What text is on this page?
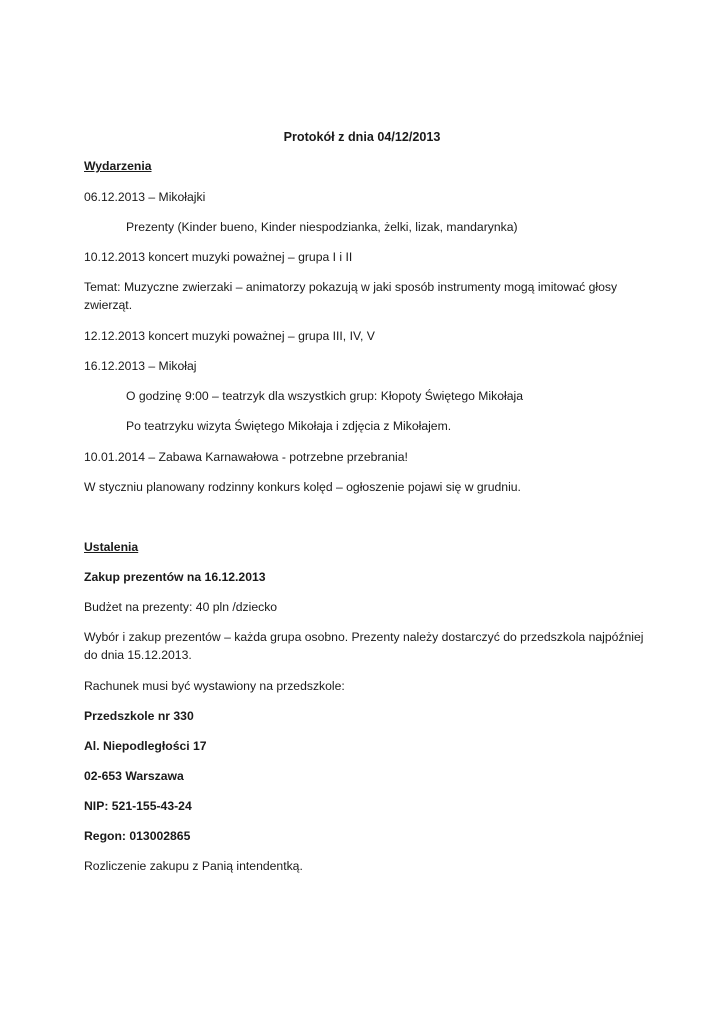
Protokół z dnia 04/12/2013
Wydarzenia
06.12.2013 – Mikołajki
Prezenty (Kinder bueno, Kinder niespodzianka, żelki, lizak, mandarynka)
10.12.2013 koncert muzyki poważnej – grupa I i II
Temat: Muzyczne zwierzaki – animatorzy pokazują w jaki sposób instrumenty mogą imitować głosy
zwierząt.
12.12.2013 koncert muzyki poważnej – grupa III, IV, V
16.12.2013 – Mikołaj
O godzinę 9:00 – teatrzyk dla wszystkich grup: Kłopoty Świętego Mikołaja
Po teatrzyku wizyta Świętego Mikołaja i zdjęcia z Mikołajem.
10.01.2014 – Zabawa Karnawałowa - potrzebne przebrania!
W styczniu planowany rodzinny konkurs kolęd – ogłoszenie pojawi się w grudniu.
Ustalenia
Zakup prezentów na 16.12.2013
Budżet na prezenty: 40 pln /dziecko
Wybór i zakup prezentów – każda grupa osobno. Prezenty należy dostarczyć do przedszkola najpóźniej
do dnia 15.12.2013.
Rachunek musi być wystawiony na przedszkole:
Przedszkole nr 330
Al. Niepodległości 17
02-653 Warszawa
NIP: 521-155-43-24
Regon: 013002865
Rozliczenie zakupu z Panią intendentką.
